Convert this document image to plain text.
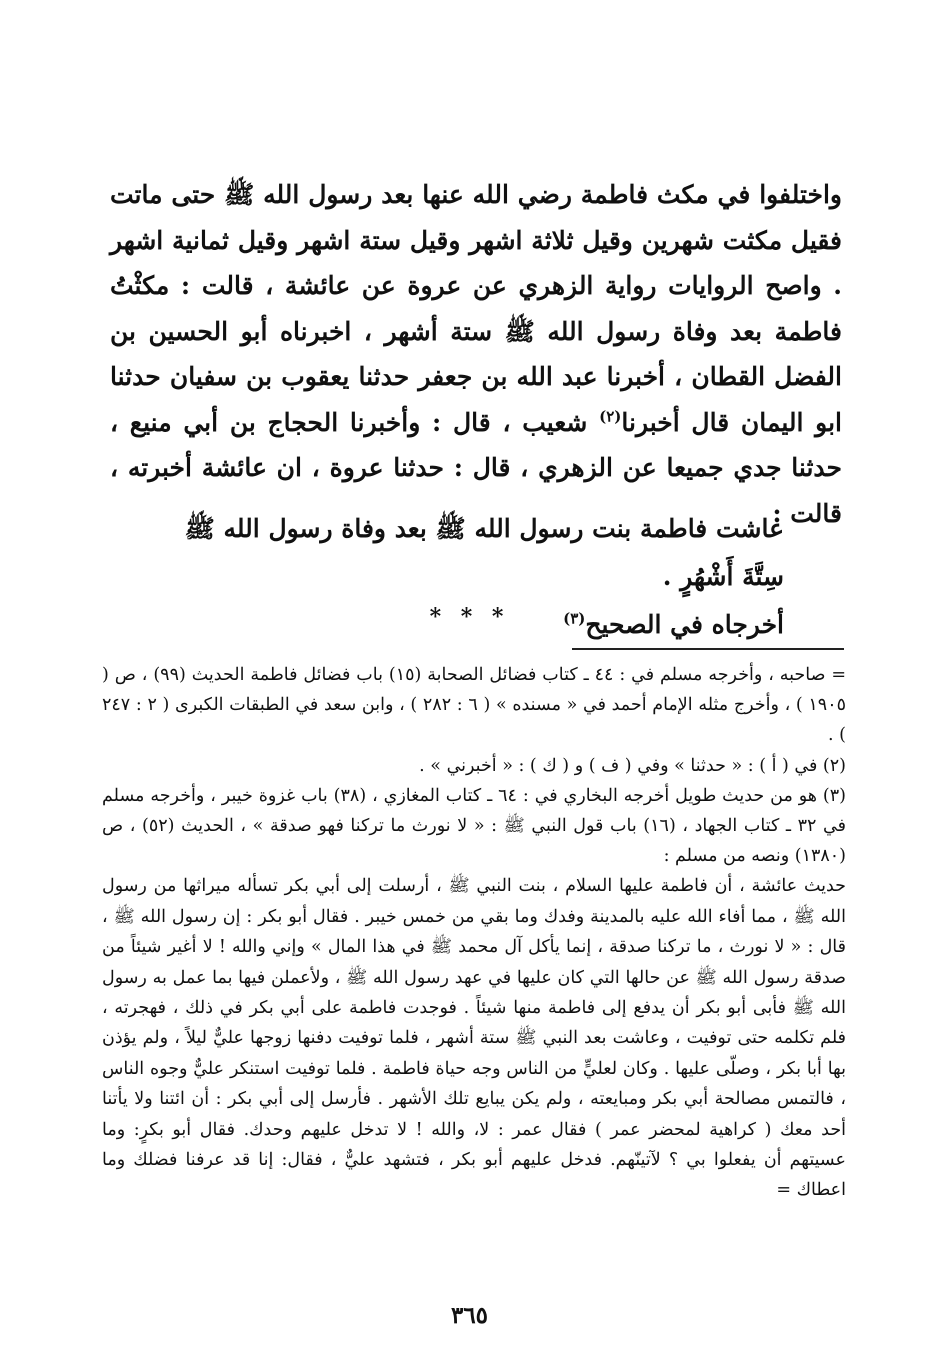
واختلفوا في مكث فاطمة رضي الله عنها بعد رسول الله ﷺ حتى ماتت فقيل مكثت شهرين وقيل ثلاثة اشهر وقيل ستة اشهر وقيل ثمانية اشهر . واصح الروايات رواية الزهري عن عروة عن عائشة ، قالت : مكثْتُ فاطمة بعد وفاة رسول الله ﷺ ستة أشهر ، اخبرناه أبو الحسين بن الفضل القطان ، أخبرنا عبد الله بن جعفر حدثنا يعقوب بن سفيان حدثنا ابو اليمان قال أخبرنا$^{(٢)}$ شعيب ، قال : وأخبرنا الحجاج بن أبي منيع ، حدثنا جدي جميعا عن الزهري ، قال : حدثنا عروة ، ان عائشة أخبرته ، قالت :

عاشت فاطمة بنت رسول الله ﷺ بعد وفاة رسول الله ﷺ سِتَّةَ أَشْهُرٍ .

أخرجاه في الصحيح$^{(٣)}$

* * *

= صاحبه ، وأخرجه مسلم في : ٤٤ ـ كتاب فضائل الصحابة (١٥) باب فضائل فاطمة الحديث (٩٩) ، ص ( ١٩٠٥ ) ، وأخرج مثله الإمام أحمد في « مسنده » ( ٦ : ٢٨٢ ) ، وابن سعد في الطبقات الكبرى ( ٢ : ٢٤٧ ) .

(٢) في ( أ ) : « حدثنا » وفي ( ف ) و ( ك ) : « أخبرني » .

(٣) هو من حديث طويل أخرجه البخاري في : ٦٤ ـ كتاب المغازي ، (٣٨) باب غزوة خيبر ، وأخرجه مسلم في ٣٢ ـ كتاب الجهاد ، (١٦) باب قول النبي ﷺ : « لا نورث ما تركنا فهو صدقة » ، الحديث (٥٢) ، ص (١٣٨٠) ونصه من مسلم :

حديث عائشة ، أن فاطمة عليها السلام ، بنت النبي ﷺ ، أرسلت إلى أبي بكر تسأله ميراثها من رسول الله ﷺ ، مما أفاء الله عليه بالمدينة وفدك وما بقي من خمس خيبر . فقال أبو بكر : إن رسول الله ﷺ ، قال : « لا نورث ، ما تركنا صدقة ، إنما يأكل آل محمد ﷺ في هذا المال » وإني والله ! لا أغير شيئاً من صدقة رسول الله ﷺ عن حالها التي كان عليها في عهد رسول الله ﷺ ، ولأعملن فيها بما عمل به رسول الله ﷺ فأبى أبو بكر أن يدفع إلى فاطمة منها شيئاً . فوجدت فاطمة على أبي بكر في ذلك ، فهجرته ، فلم تكلمه حتى توفيت ، وعاشت بعد النبي ﷺ ستة أشهر ، فلما توفيت دفنها زوجها عليٌّ ليلاً ، ولم يؤذن بها أبا بكر ، وصلّى عليها . وكان لعليٍّ من الناس وجه حياة فاطمة . فلما توفيت استنكر عليٌّ وجوه الناس ، فالتمس مصالحة أبي بكر ومبايعته ، ولم يكن يبايع تلك الأشهر . فأرسل إلى أبي بكر : أن ائتنا ولا يأتنا أحد معك ( كراهية لمحضر عمر ) فقال عمر : لا، والله ! لا تدخل عليهم وحدك. فقال أبو بكرٍ: وما عسيتهم أن يفعلوا بي ؟ لآتينّهم. فدخل عليهم أبو بكر ، فتشهد عليٌّ ، فقال: إنا قد عرفنا فضلك وما اعطاك =

٣٦٥
